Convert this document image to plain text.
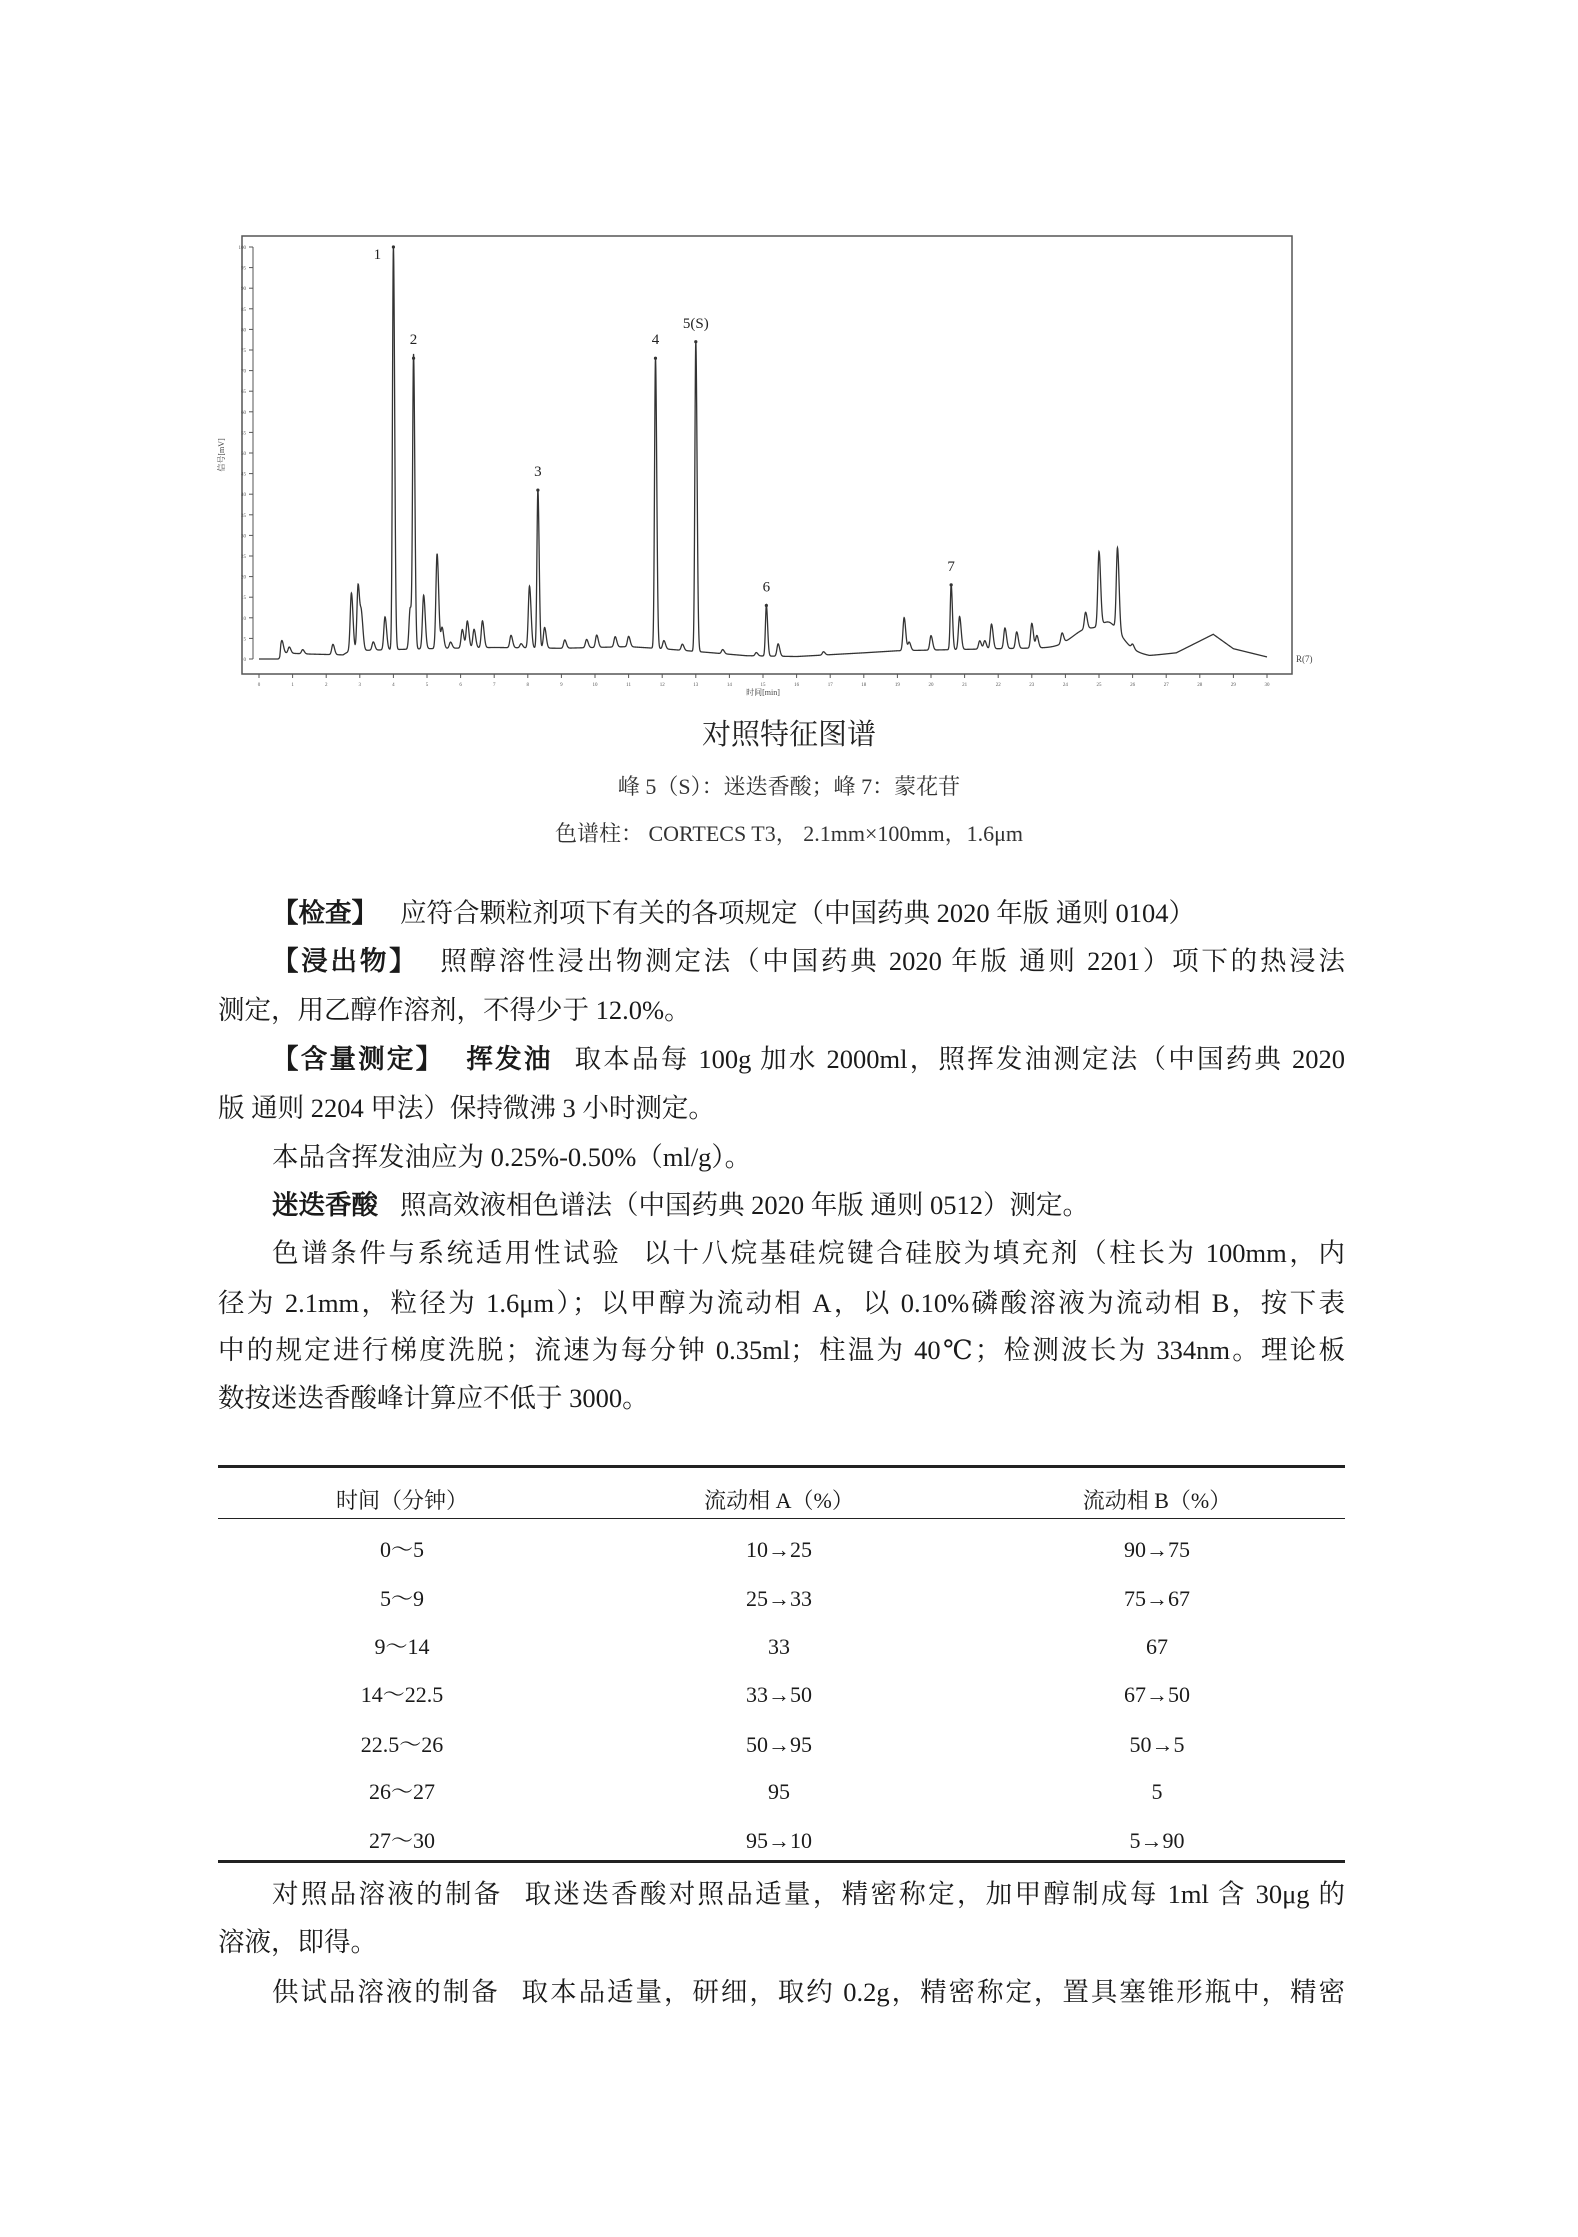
0
5
10
15
20
25
30
35
40
45
50
55
60
65
70
75
80
85
90
95
100
0	1	2	3	4	5	6	7	8	9	10	11	12	13	14	15	16	17	18	19	20	21	22	23	24	25	26	27	28	29	30
1
2
3
4
5(S)
6
7
时间[min]
信号[mV]
R(7)
对照特征图谱
峰 5（S）：迷迭香酸；峰 7：蒙花苷
色谱柱： CORTECS T3， 2.1mm×100mm，1.6μm
【检查】 应符合颗粒剂项下有关的各项规定（中国药典 2020 年版 通则 0104）
【浸出物】 照醇溶性浸出物测定法（中国药典 2020 年版 通则 2201）项下的热浸法
测定，用乙醇作溶剂，不得少于 12.0%。
【含量测定】 挥发油 取本品每 100g 加水 2000ml，照挥发油测定法（中国药典 2020
版 通则 2204 甲法）保持微沸 3 小时测定。
本品含挥发油应为 0.25%-0.50%（ml/g）。
迷迭香酸 照高效液相色谱法（中国药典 2020 年版 通则 0512）测定。
色谱条件与系统适用性试验 以十八烷基硅烷键合硅胶为填充剂（柱长为 100mm，内
径为 2.1mm，粒径为 1.6μm）；以甲醇为流动相 A，以 0.10%磷酸溶液为流动相 B，按下表
中的规定进行梯度洗脱；流速为每分钟 0.35ml；柱温为 40℃；检测波长为 334nm。理论板
数按迷迭香酸峰计算应不低于 3000。
时间（分钟）	流动相 A（%）	流动相 B（%）
0～5	10→25	90→75
5～9	25→33	75→67
9～14	33	67
14～22.5	33→50	67→50
22.5～26	50→95	50→5
26～27	95	5
27～30	95→10	5→90
对照品溶液的制备 取迷迭香酸对照品适量，精密称定，加甲醇制成每 1ml 含 30μg 的
溶液，即得。
供试品溶液的制备 取本品适量，研细，取约 0.2g，精密称定，置具塞锥形瓶中，精密
